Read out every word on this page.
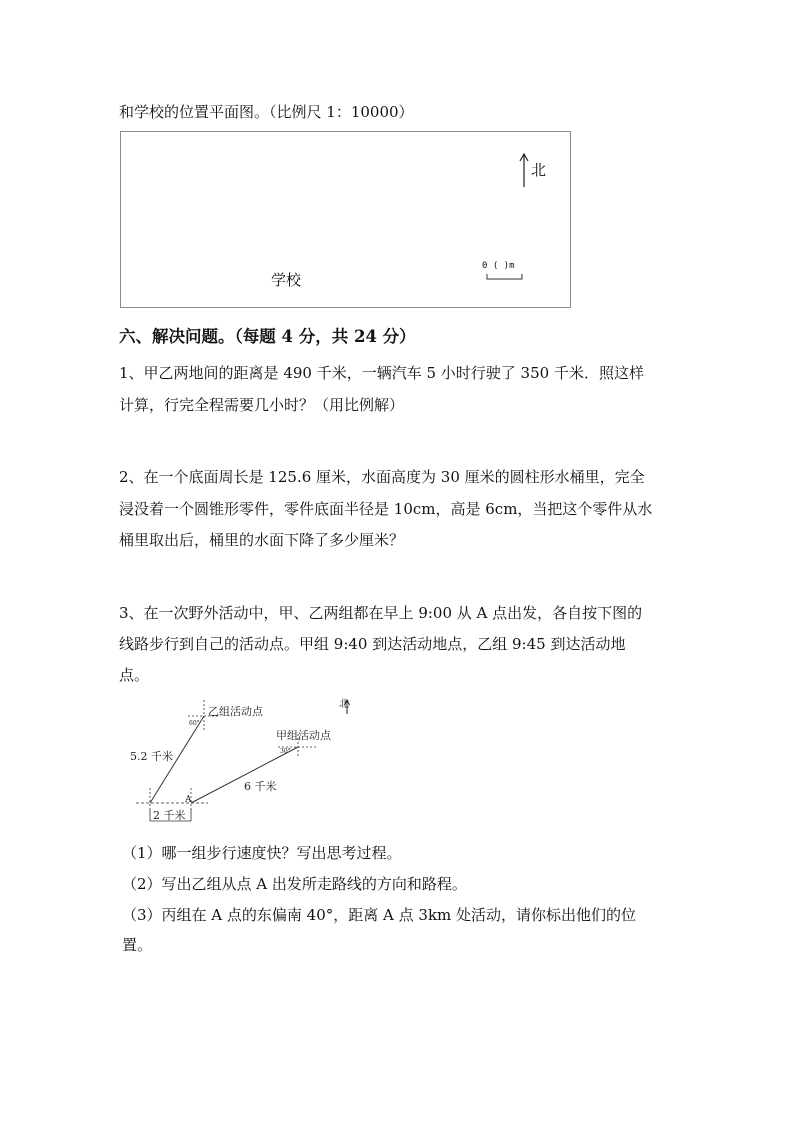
和学校的位置平面图。（比例尺 1：10000）
北
学校
0 ( )m
六、解决问题。（每题 4 分，共 24 分）
1、甲乙两地间的距离是 490 千米，一辆汽车 5 小时行驶了 350 千米．照这样
计算，行完全程需要几小时？（用比例解）
2、在一个底面周长是 125.6 厘米，水面高度为 30 厘米的圆柱形水桶里，完全
浸没着一个圆锥形零件，零件底面半径是 10cm，高是 6cm，当把这个零件从水
桶里取出后，桶里的水面下降了多少厘米？
3、在一次野外活动中，甲、乙两组都在早上 9:00 从 A 点出发，各自按下图的
线路步行到自己的活动点。甲组 9:40 到达活动地点，乙组 9:45 到达活动地
点。
北
乙组活动点
甲组活动点
5.2 千米
6 千米
2 千米
A
60°
30°
（1）哪一组步行速度快？写出思考过程。
（2）写出乙组从点 A 出发所走路线的方向和路程。
（3）丙组在 A 点的东偏南 40°，距离 A 点 3km 处活动，请你标出他们的位
置。
